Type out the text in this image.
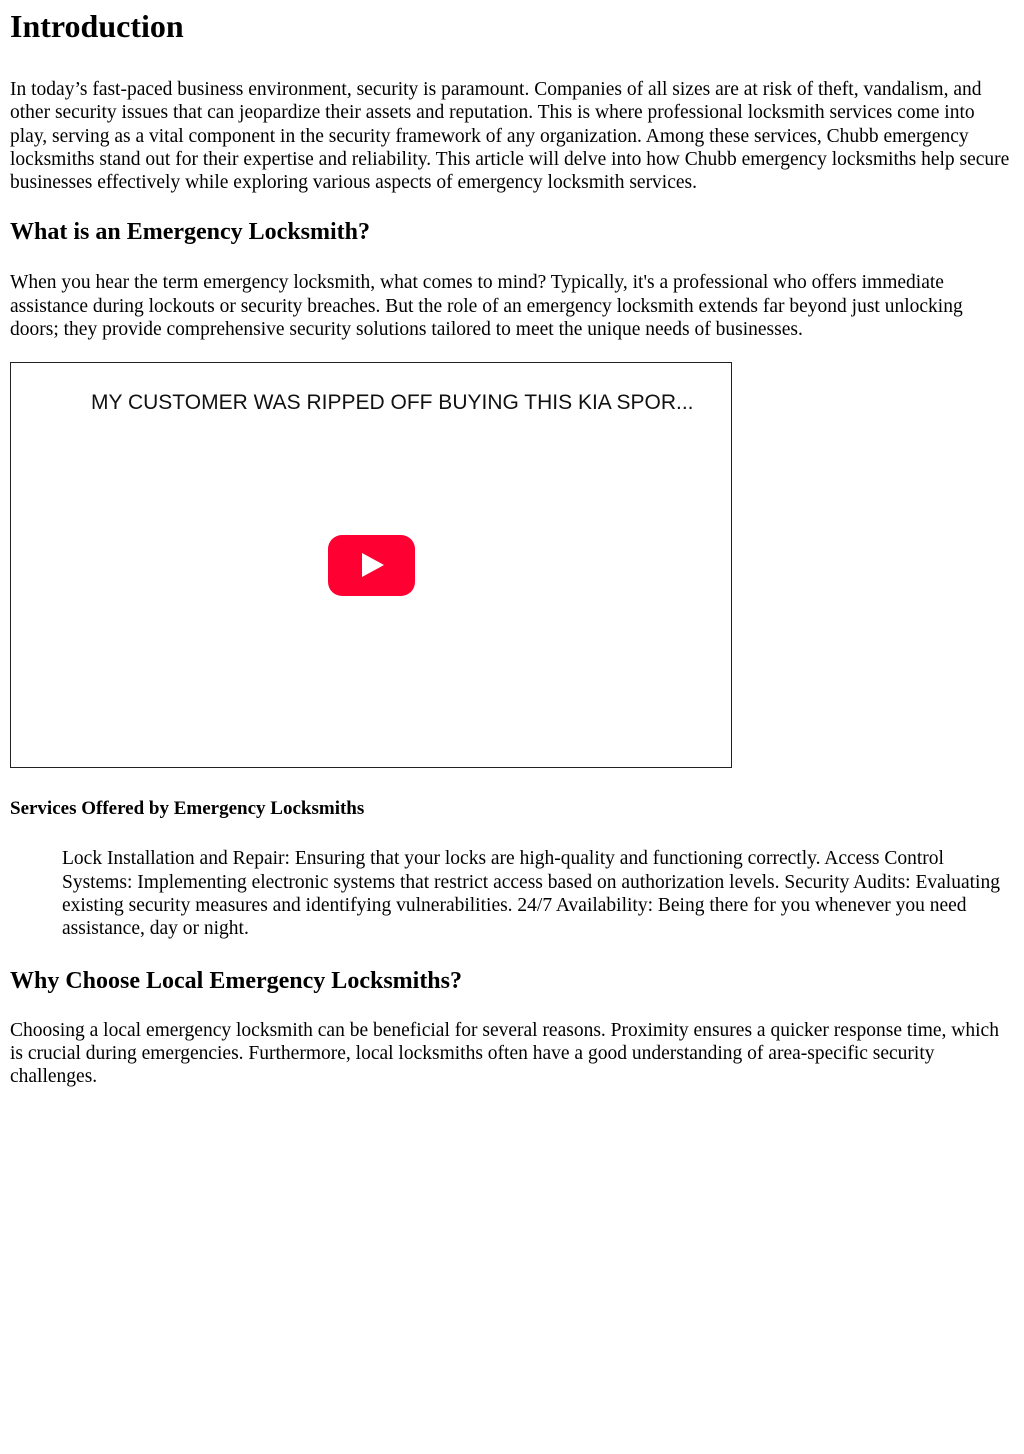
Introduction

In today’s fast-paced business environment, security is paramount. Companies of all sizes are at risk of theft, vandalism, and other security issues that can jeopardize their assets and reputation. This is where professional locksmith services come into play, serving as a vital component in the security framework of any organization. Among these services, Chubb emergency locksmiths stand out for their expertise and reliability. This article will delve into how Chubb emergency locksmiths help secure businesses effectively while exploring various aspects of emergency locksmith services.

What is an Emergency Locksmith?

When you hear the term emergency locksmith, what comes to mind? Typically, it's a professional who offers immediate assistance during lockouts or security breaches. But the role of an emergency locksmith extends far beyond just unlocking doors; they provide comprehensive security solutions tailored to meet the unique needs of businesses.

MY CUSTOMER WAS RIPPED OFF BUYING THIS KIA SPOR...
Services Offered by Emergency Locksmiths

Lock Installation and Repair: Ensuring that your locks are high-quality and functioning correctly. Access Control Systems: Implementing electronic systems that restrict access based on authorization levels. Security Audits: Evaluating existing security measures and identifying vulnerabilities. 24/7 Availability: Being there for you whenever you need assistance, day or night.

Why Choose Local Emergency Locksmiths?

Choosing a local emergency locksmith can be beneficial for several reasons. Proximity ensures a quicker response time, which is crucial during emergencies. Furthermore, local locksmiths often have a good understanding of area-specific security challenges.
